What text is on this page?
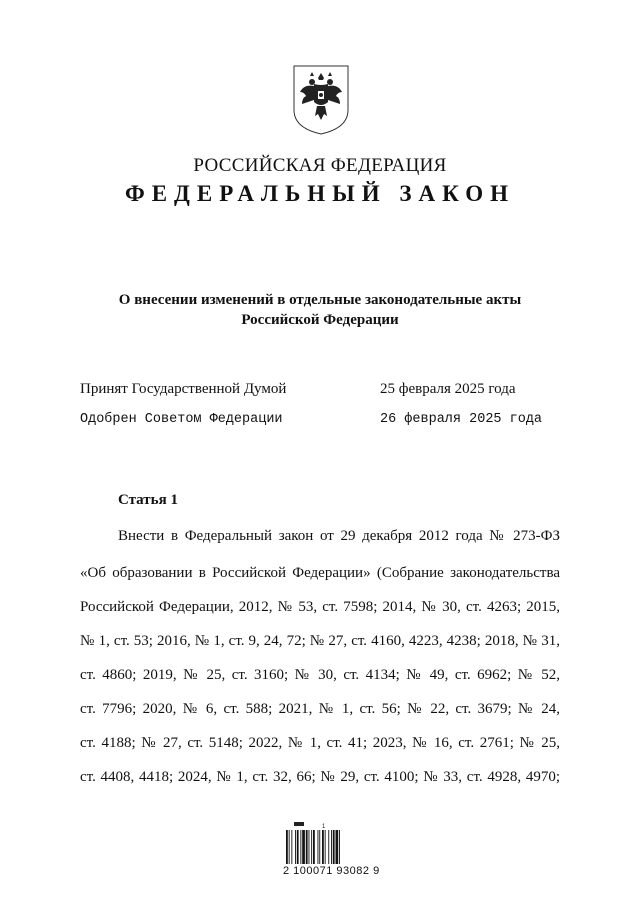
РОССИЙСКАЯ ФЕДЕРАЦИЯ
ФЕДЕРАЛЬНЫЙ ЗАКОН
О внесении изменений в отдельные законодательные акты
Российской Федерации
Принят Государственной Думой	25 февраля 2025 года
Одобрен Советом Федерации	26 февраля 2025 года
Статья 1
Внести в Федеральный закон от 29 декабря 2012 года № 273-ФЗ
«Об образовании в Российской Федерации» (Собрание законодательства
Российской Федерации, 2012, № 53, ст. 7598; 2014, № 30, ст. 4263; 2015,
№ 1, ст. 53; 2016, № 1, ст. 9, 24, 72; № 27, ст. 4160, 4223, 4238; 2018, № 31,
ст. 4860; 2019, № 25, ст. 3160; № 30, ст. 4134; № 49, ст. 6962; № 52,
ст. 7796; 2020, № 6, ст. 588; 2021, № 1, ст. 56; № 22, ст. 3679; № 24,
ст. 4188; № 27, ст. 5148; 2022, № 1, ст. 41; 2023, № 16, ст. 2761; № 25,
ст. 4408, 4418; 2024, № 1, ст. 32, 66; № 29, ст. 4100; № 33, ст. 4928, 4970;
1
2 100071 93082 9
